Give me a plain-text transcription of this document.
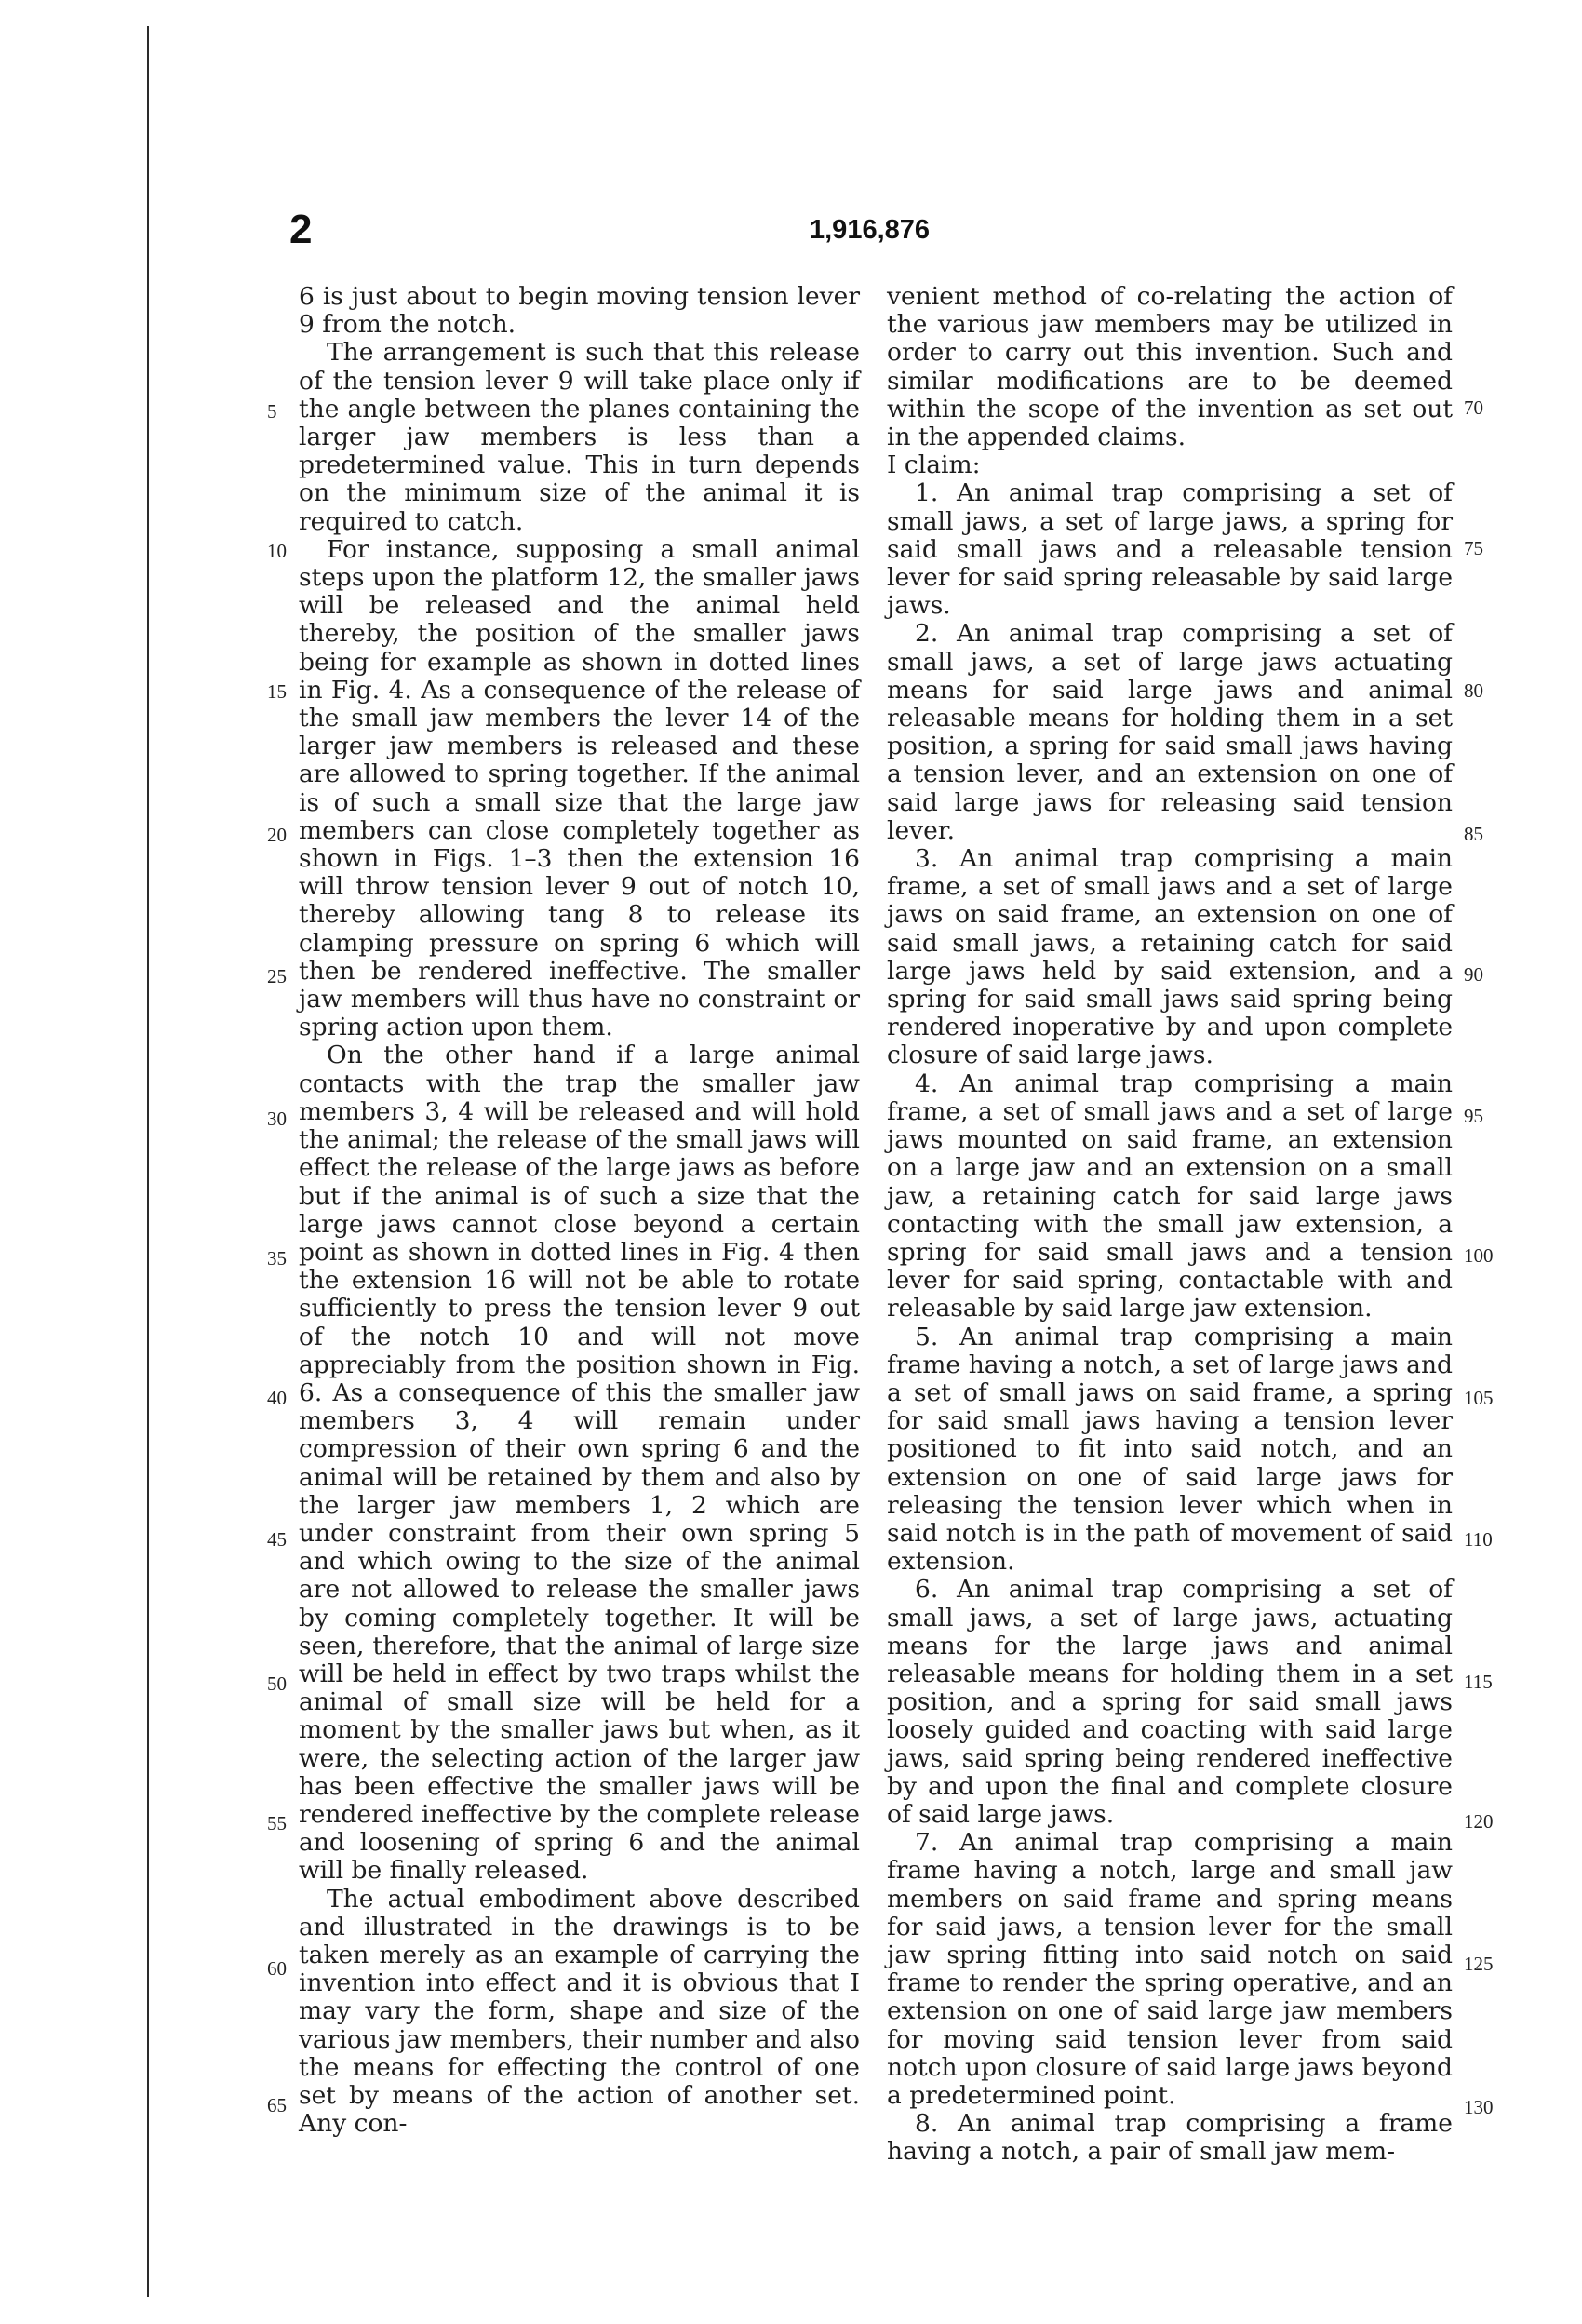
2	1,916,876

6 is just about to begin moving tension lever 9 from the notch.

The arrangement is such that this release of the tension lever 9 will take place only if the angle between the planes containing the larger jaw members is less than a predetermined value. This in turn depends on the minimum size of the animal it is required to catch.

For instance, supposing a small animal steps upon the platform 12, the smaller jaws will be released and the animal held thereby, the position of the smaller jaws being for example as shown in dotted lines in Fig. 4. As a consequence of the release of the small jaw members the lever 14 of the larger jaw members is released and these are allowed to spring together. If the animal is of such a small size that the large jaw members can close completely together as shown in Figs. 1–3 then the extension 16 will throw tension lever 9 out of notch 10, thereby allowing tang 8 to release its clamping pressure on spring 6 which will then be rendered ineffective. The smaller jaw members will thus have no constraint or spring action upon them.

On the other hand if a large animal contacts with the trap the smaller jaw members 3, 4 will be released and will hold the animal; the release of the small jaws will effect the release of the large jaws as before but if the animal is of such a size that the large jaws cannot close beyond a certain point as shown in dotted lines in Fig. 4 then the extension 16 will not be able to rotate sufficiently to press the tension lever 9 out of the notch 10 and will not move appreciably from the position shown in Fig. 6. As a consequence of this the smaller jaw members 3, 4 will remain under compression of their own spring 6 and the animal will be retained by them and also by the larger jaw members 1, 2 which are under constraint from their own spring 5 and which owing to the size of the animal are not allowed to release the smaller jaws by coming completely together. It will be seen, therefore, that the animal of large size will be held in effect by two traps whilst the animal of small size will be held for a moment by the smaller jaws but when, as it were, the selecting action of the larger jaw has been effective the smaller jaws will be rendered ineffective by the complete release and loosening of spring 6 and the animal will be finally released.

The actual embodiment above described and illustrated in the drawings is to be taken merely as an example of carrying the invention into effect and it is obvious that I may vary the form, shape and size of the various jaw members, their number and also the means for effecting the control of one set by means of the action of another set. Any con-

venient method of co-relating the action of the various jaw members may be utilized in order to carry out this invention. Such and similar modifications are to be deemed within the scope of the invention as set out in the appended claims.

I claim:

1. An animal trap comprising a set of small jaws, a set of large jaws, a spring for said small jaws and a releasable tension lever for said spring releasable by said large jaws.

2. An animal trap comprising a set of small jaws, a set of large jaws actuating means for said large jaws and animal releasable means for holding them in a set position, a spring for said small jaws having a tension lever, and an extension on one of said large jaws for releasing said tension lever.

3. An animal trap comprising a main frame, a set of small jaws and a set of large jaws on said frame, an extension on one of said small jaws, a retaining catch for said large jaws held by said extension, and a spring for said small jaws said spring being rendered inoperative by and upon complete closure of said large jaws.

4. An animal trap comprising a main frame, a set of small jaws and a set of large jaws mounted on said frame, an extension on a large jaw and an extension on a small jaw, a retaining catch for said large jaws contacting with the small jaw extension, a spring for said small jaws and a tension lever for said spring, contactable with and releasable by said large jaw extension.

5. An animal trap comprising a main frame having a notch, a set of large jaws and a set of small jaws on said frame, a spring for said small jaws having a tension lever positioned to fit into said notch, and an extension on one of said large jaws for releasing the tension lever which when in said notch is in the path of movement of said extension.

6. An animal trap comprising a set of small jaws, a set of large jaws, actuating means for the large jaws and animal releasable means for holding them in a set position, and a spring for said small jaws loosely guided and coacting with said large jaws, said spring being rendered ineffective by and upon the final and complete closure of said large jaws.

7. An animal trap comprising a main frame having a notch, large and small jaw members on said frame and spring means for said jaws, a tension lever for the small jaw spring fitting into said notch on said frame to render the spring operative, and an extension on one of said large jaw members for moving said tension lever from said notch upon closure of said large jaws beyond a predetermined point.

8. An animal trap comprising a frame having a notch, a pair of small jaw mem-

5
10
15
20
25
30
35
40
45
50
55
60
65
70
75
80
85
90
95
100
105
110
115
120
125
130
